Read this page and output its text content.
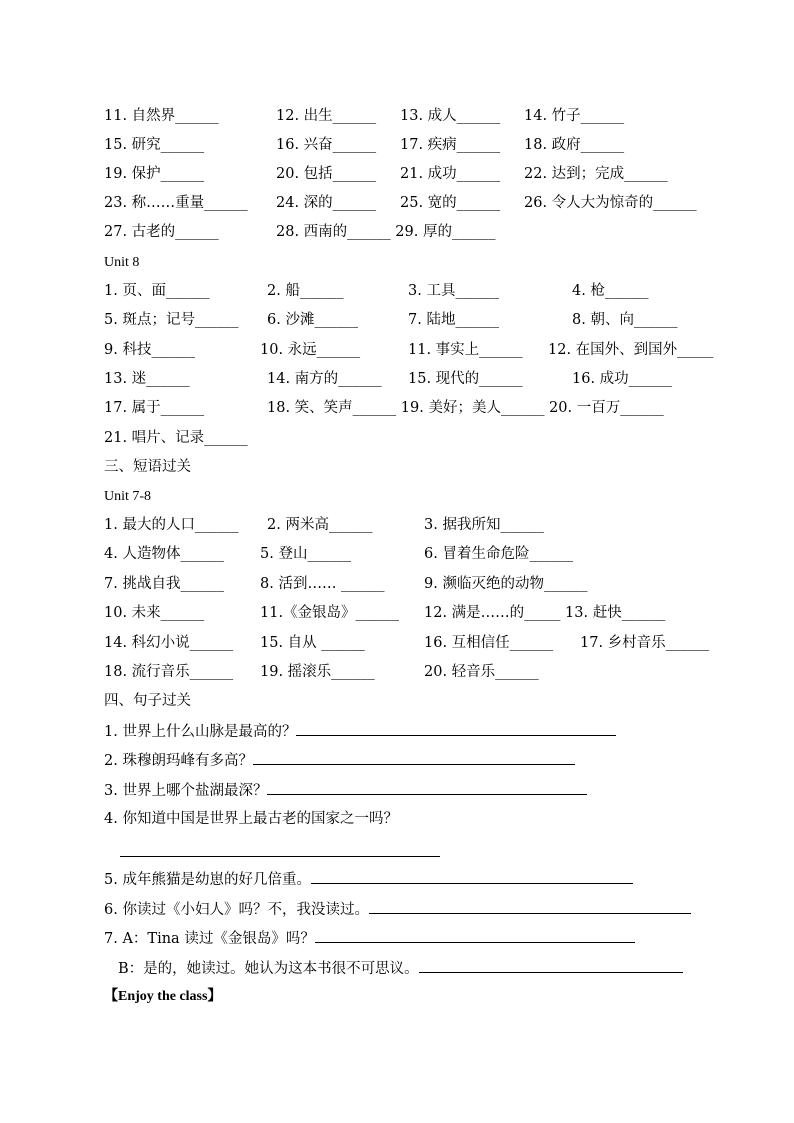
11. 自然界______	12. 出生______ 13. 成人______ 14. 竹子______
15. 研究______	16. 兴奋______ 17. 疾病______ 18. 政府______
19. 保护______	20. 包括______ 21. 成功______ 22. 达到；完成______
23. 称……重量______ 24. 深的______ 25. 宽的______ 26. 令人大为惊奇的______
27. 古老的______	28. 西南的______ 29. 厚的______
Unit 8
1. 页、面______	2. 船______	3. 工具______	4. 枪______
5. 斑点；记号______ 6. 沙滩______	7. 陆地______	8. 朝、向______
9. 科技______	10. 永远______	11. 事实上______ 12. 在国外、到国外_____
13. 迷______	14. 南方的______ 15. 现代的______	16. 成功______
17. 属于______	18. 笑、笑声______ 19. 美好；美人______ 20. 一百万______
21. 唱片、记录______
三、短语过关
Unit 7-8
1. 最大的人口______ 2. 两米高______	3. 据我所知______
4. 人造物体______ 5. 登山______	6. 冒着生命危险______
7. 挑战自我______ 8. 活到…… ______	9. 濒临灭绝的动物______
10. 未来______	11.《金银岛》______ 12. 满是……的_____ 13. 赶快______
14. 科幻小说______ 15. 自从 ______	16. 互相信任______ 17. 乡村音乐______
18. 流行音乐______ 19. 摇滚乐______	20. 轻音乐______
四、句子过关
1. 世界上什么山脉是最高的？
2. 珠穆朗玛峰有多高？
3. 世界上哪个盐湖最深？
4. 你知道中国是世界上最古老的国家之一吗？
5. 成年熊猫是幼崽的好几倍重。
6. 你读过《小妇人》吗？不，我没读过。
7. A：Tina 读过《金银岛》吗？
B：是的，她读过。她认为这本书很不可思议。
【Enjoy the class】
